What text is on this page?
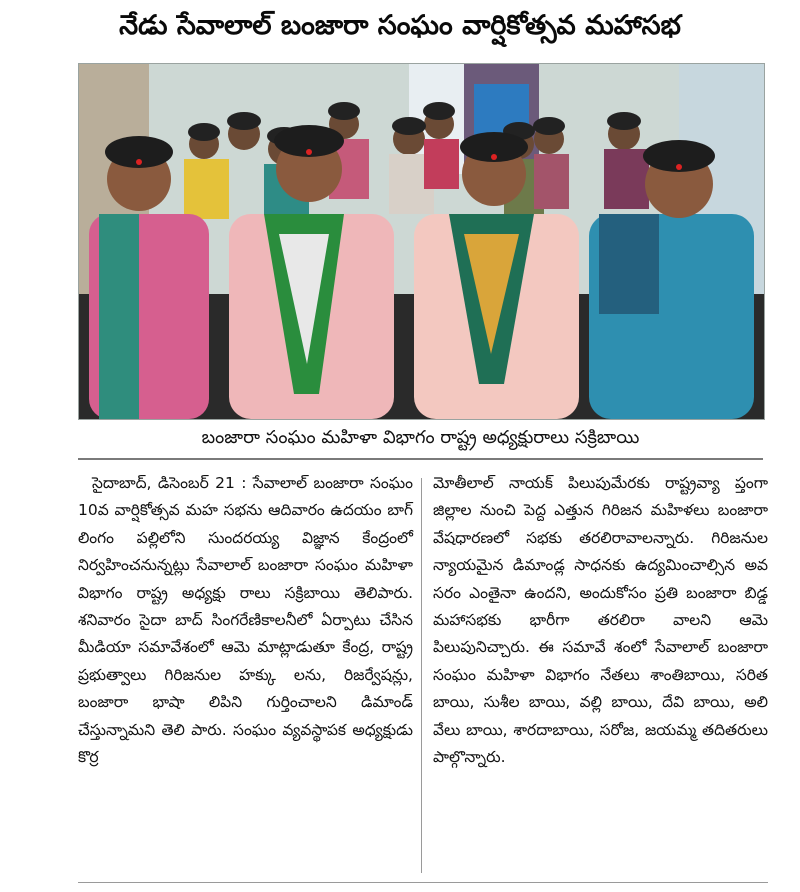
నేడు సేవాలాల్ బంజారా సంఘం వార్షికోత్సవ మహాసభ
బంజారా సంఘం మహిళా విభాగం రాష్ట్ర అధ్యక్షురాలు సక్రిబాయి

సైదాబాద్, డిసెంబర్ 21 : సేవాలాల్ బంజారా సంఘం 10వ వార్షికోత్సవ మహ సభను ఆదివారం ఉదయం బాగ్ లింగం పల్లిలోని సుందరయ్య విజ్ఞాన కేంద్రంలో నిర్వహించనున్నట్లు సేవాలాల్ బంజారా సంఘం మహిళా విభాగం రాష్ట్ర అధ్యక్షు రాలు సక్రిబాయి తెలిపారు. శనివారం సైదా బాద్ సింగరేణికాలనీలో ఏర్పాటు చేసిన మీడియా సమావేశంలో ఆమె మాట్లాడుతూ కేంద్ర, రాష్ట్ర ప్రభుత్వాలు గిరిజనుల హక్కు లను, రిజర్వేషన్లు, బంజారా భాషా లిపిని గుర్తించాలని డిమాండ్ చేస్తున్నామని తెలి పారు. సంఘం వ్యవస్థాపక అధ్యక్షుడు కొర్ర

మోతీలాల్ నాయక్ పిలుపుమేరకు రాష్ట్రవ్యా ప్తంగా జిల్లాల నుంచి పెద్ద ఎత్తున గిరిజన మహిళలు బంజారా వేషధారణలో సభకు తరలిరావాలన్నారు. గిరిజనుల న్యాయమైన డిమాండ్ల సాధనకు ఉద్యమించాల్సిన అవ సరం ఎంతైనా ఉందని, అందుకోసం ప్రతి బంజారా బిడ్డ మహాసభకు భారీగా తరలిరా వాలని ఆమె పిలుపునిచ్చారు. ఈ సమావే శంలో సేవాలాల్ బంజారా సంఘం మహిళా విభాగం నేతలు శాంతిబాయి, సరిత బాయి, సుశీల బాయి, వల్లి బాయి, దేవి బాయి, అలి వేలు బాయి, శారదాబాయి, సరోజ, జయమ్మ తదితరులు పాల్గొన్నారు.
